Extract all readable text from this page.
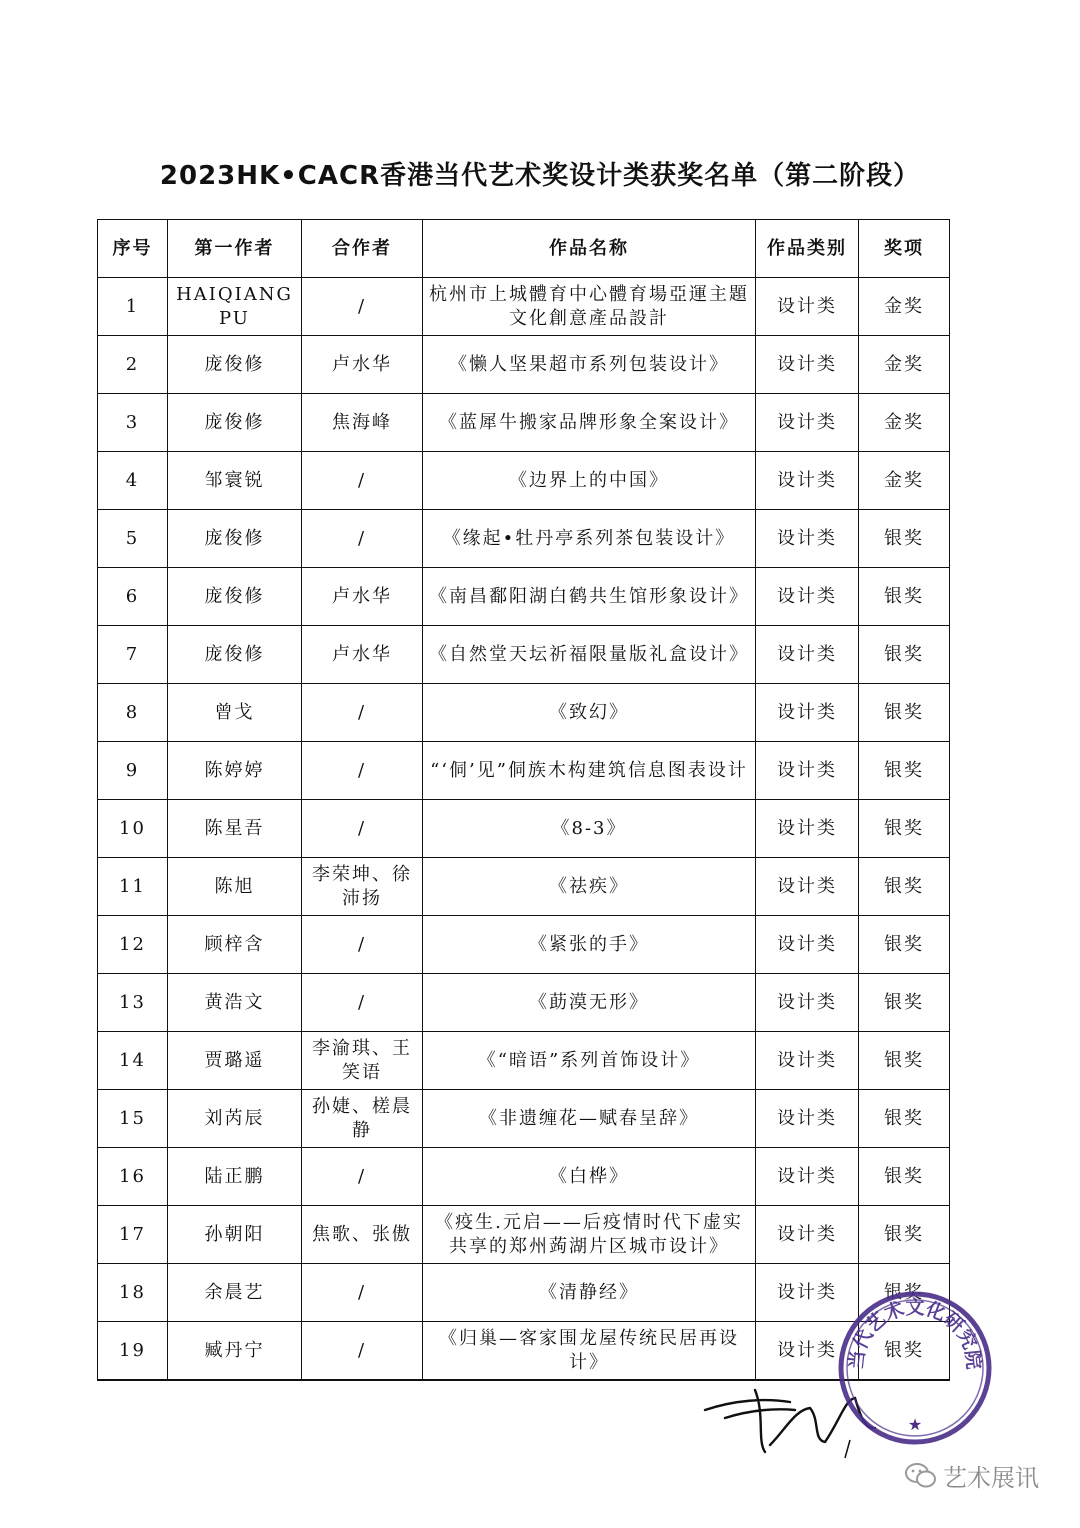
2023HK•CACR香港当代艺术奖设计类获奖名单（第二阶段）
序号	第一作者	合作者	作品名称	作品类别	奖项
1	HAIQIANG PU	/	杭州市上城體育中心體育場亞運主題文化創意產品設計	设计类	金奖
2	庞俊修	卢水华	《懒人坚果超市系列包装设计》	设计类	金奖
3	庞俊修	焦海峰	《蓝犀牛搬家品牌形象全案设计》	设计类	金奖
4	邹寰锐	/	《边界上的中国》	设计类	金奖
5	庞俊修	/	《缘起•牡丹亭系列茶包装设计》	设计类	银奖
6	庞俊修	卢水华	《南昌鄱阳湖白鹤共生馆形象设计》	设计类	银奖
7	庞俊修	卢水华	《自然堂天坛祈福限量版礼盒设计》	设计类	银奖
8	曾戈	/	《致幻》	设计类	银奖
9	陈婷婷	/	“‘侗’见”侗族木构建筑信息图表设计	设计类	银奖
10	陈星吾	/	《8-3》	设计类	银奖
11	陈旭	李荣坤、徐沛扬	《祛疾》	设计类	银奖
12	顾梓含	/	《紧张的手》	设计类	银奖
13	黄浩文	/	《莇漠无形》	设计类	银奖
14	贾璐遥	李渝琪、王笑语	《“暗语”系列首饰设计》	设计类	银奖
15	刘芮辰	孙婕、槎晨静	《非遗缠花—赋春呈辞》	设计类	银奖
16	陆正鹏	/	《白桦》	设计类	银奖
17	孙朝阳	焦歌、张傲	《疫生.元启——后疫情时代下虚实共享的郑州蒟湖片区城市设计》	设计类	银奖
18	余晨艺	/	《清静经》	设计类	银奖
19	臧丹宁	/	《归巢—客家围龙屋传统民居再设计》	设计类	银奖
当代艺术文化研究院
★
艺术展讯
